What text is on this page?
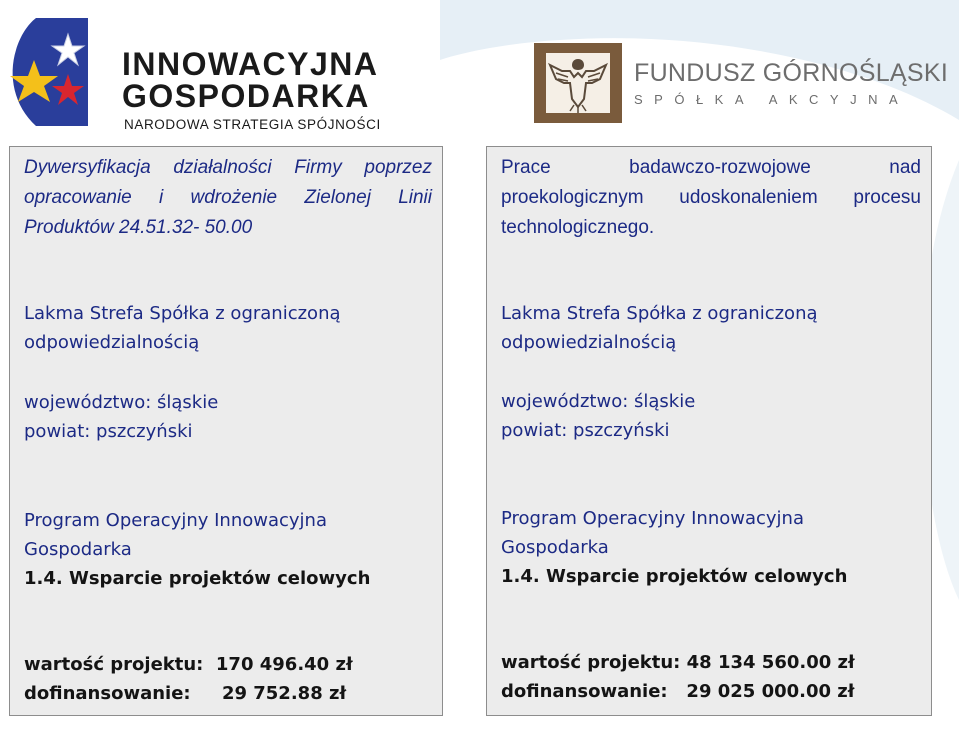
INNOWACYJNA
GOSPODARKA
NARODOWA STRATEGIA SPÓJNOŚCI
FUNDUSZ GÓRNOŚLĄSKI
SPÓŁKA AKCYJNA

Dywersyfikacja działalności Firmy poprzez opracowanie i wdrożenie Zielonej Linii Produktów 24.51.32- 50.00

Lakma Strefa Spółka z ograniczoną

odpowiedzialnością

województwo: śląskie

powiat: pszczyński

Program Operacyjny Innowacyjna

Gospodarka

1.4. Wsparcie projektów celowych

wartość projektu:  170 496.40 zł

dofinansowanie:     29 752.88 zł

Prace badawczo-rozwojowe nad proekologicznym udoskonaleniem procesu technologicznego.

Lakma Strefa Spółka z ograniczoną

odpowiedzialnością

województwo: śląskie

powiat: pszczyński

Program Operacyjny Innowacyjna

Gospodarka

1.4. Wsparcie projektów celowych

wartość projektu: 48 134 560.00 zł

dofinansowanie:   29 025 000.00 zł
